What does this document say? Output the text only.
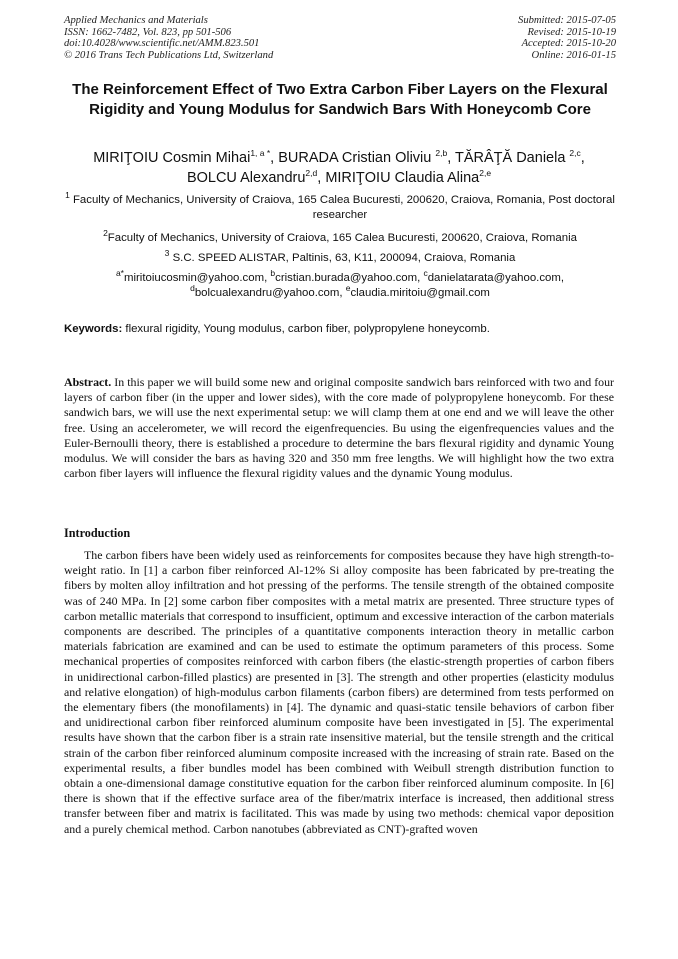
Applied Mechanics and Materials
ISSN: 1662-7482, Vol. 823, pp 501-506
doi:10.4028/www.scientific.net/AMM.823.501
© 2016 Trans Tech Publications Ltd, Switzerland
Submitted: 2015-07-05
Revised: 2015-10-19
Accepted: 2015-10-20
Online: 2016-01-15
The Reinforcement Effect of Two Extra Carbon Fiber Layers on the Flexural Rigidity and Young Modulus for Sandwich Bars With Honeycomb Core
MIRIŢOIU Cosmin Mihai$^{1, a *}$, BURADA Cristian Oliviu $^{2,b}$, TĂRÂŢĂ Daniela $^{2,c}$,
BOLCU Alexandru$^{2,d}$, MIRIŢOIU Claudia Alina$^{2,e}$
$^1$ Faculty of Mechanics, University of Craiova, 165 Calea Bucuresti, 200620, Craiova, Romania, Post doctoral researcher
$^2$Faculty of Mechanics, University of Craiova, 165 Calea Bucuresti, 200620, Craiova, Romania
$^3$ S.C. SPEED ALISTAR, Paltinis, 63, K11, 200094, Craiova, Romania
$^{a*}$miritoiucosmin@yahoo.com, $^b$cristian.burada@yahoo.com, $^c$danielatarata@yahoo.com,
$^d$bolcualexandru@yahoo.com, $^e$claudia.miritoiu@gmail.com
Keywords: flexural rigidity, Young modulus, carbon fiber, polypropylene honeycomb.
Abstract. In this paper we will build some new and original composite sandwich bars reinforced with two and four layers of carbon fiber (in the upper and lower sides), with the core made of polypropylene honeycomb. For these sandwich bars, we will use the next experimental setup: we will clamp them at one end and we will leave the other free. Using an accelerometer, we will record the eigenfrequencies. Bu using the eigenfrequencies values and the Euler-Bernoulli theory, there is established a procedure to determine the bars flexural rigidity and dynamic Young modulus. We will consider the bars as having 320 and 350 mm free lengths. We will highlight how the two extra carbon fiber layers will influence the flexural rigidity values and the dynamic Young modulus.
Introduction
The carbon fibers have been widely used as reinforcements for composites because they have high strength-to-weight ratio. In [1] a carbon fiber reinforced Al-12% Si alloy composite has been fabricated by pre-treating the fibers by molten alloy infiltration and hot pressing of the performs. The tensile strength of the obtained composite was of 240 MPa. In [2] some carbon fiber composites with a metal matrix are presented. Three structure types of carbon metallic materials that correspond to insufficient, optimum and excessive interaction of the carbon materials components are described. The principles of a quantitative components interaction theory in metallic carbon materials fabrication are examined and can be used to estimate the optimum parameters of this process. Some mechanical properties of composites reinforced with carbon fibers (the elastic-strength properties of carbon fibers in unidirectional carbon-filled plastics) are presented in [3]. The strength and other properties (elasticity modulus and relative elongation) of high-modulus carbon filaments (carbon fibers) are determined from tests performed on the elementary fibers (the monofilaments) in [4]. The dynamic and quasi-static tensile behaviors of carbon fiber and unidirectional carbon fiber reinforced aluminum composite have been investigated in [5]. The experimental results have shown that the carbon fiber is a strain rate insensitive material, but the tensile strength and the critical strain of the carbon fiber reinforced aluminum composite increased with the increasing of strain rate. Based on the experimental results, a fiber bundles model has been combined with Weibull strength distribution function to obtain a one-dimensional damage constitutive equation for the carbon fiber reinforced aluminum composite. In [6] there is shown that if the effective surface area of the fiber/matrix interface is increased, then additional stress transfer between fiber and matrix is facilitated. This was made by using two methods: chemical vapor deposition and a purely chemical method. Carbon nanotubes (abbreviated as CNT)-grafted woven
